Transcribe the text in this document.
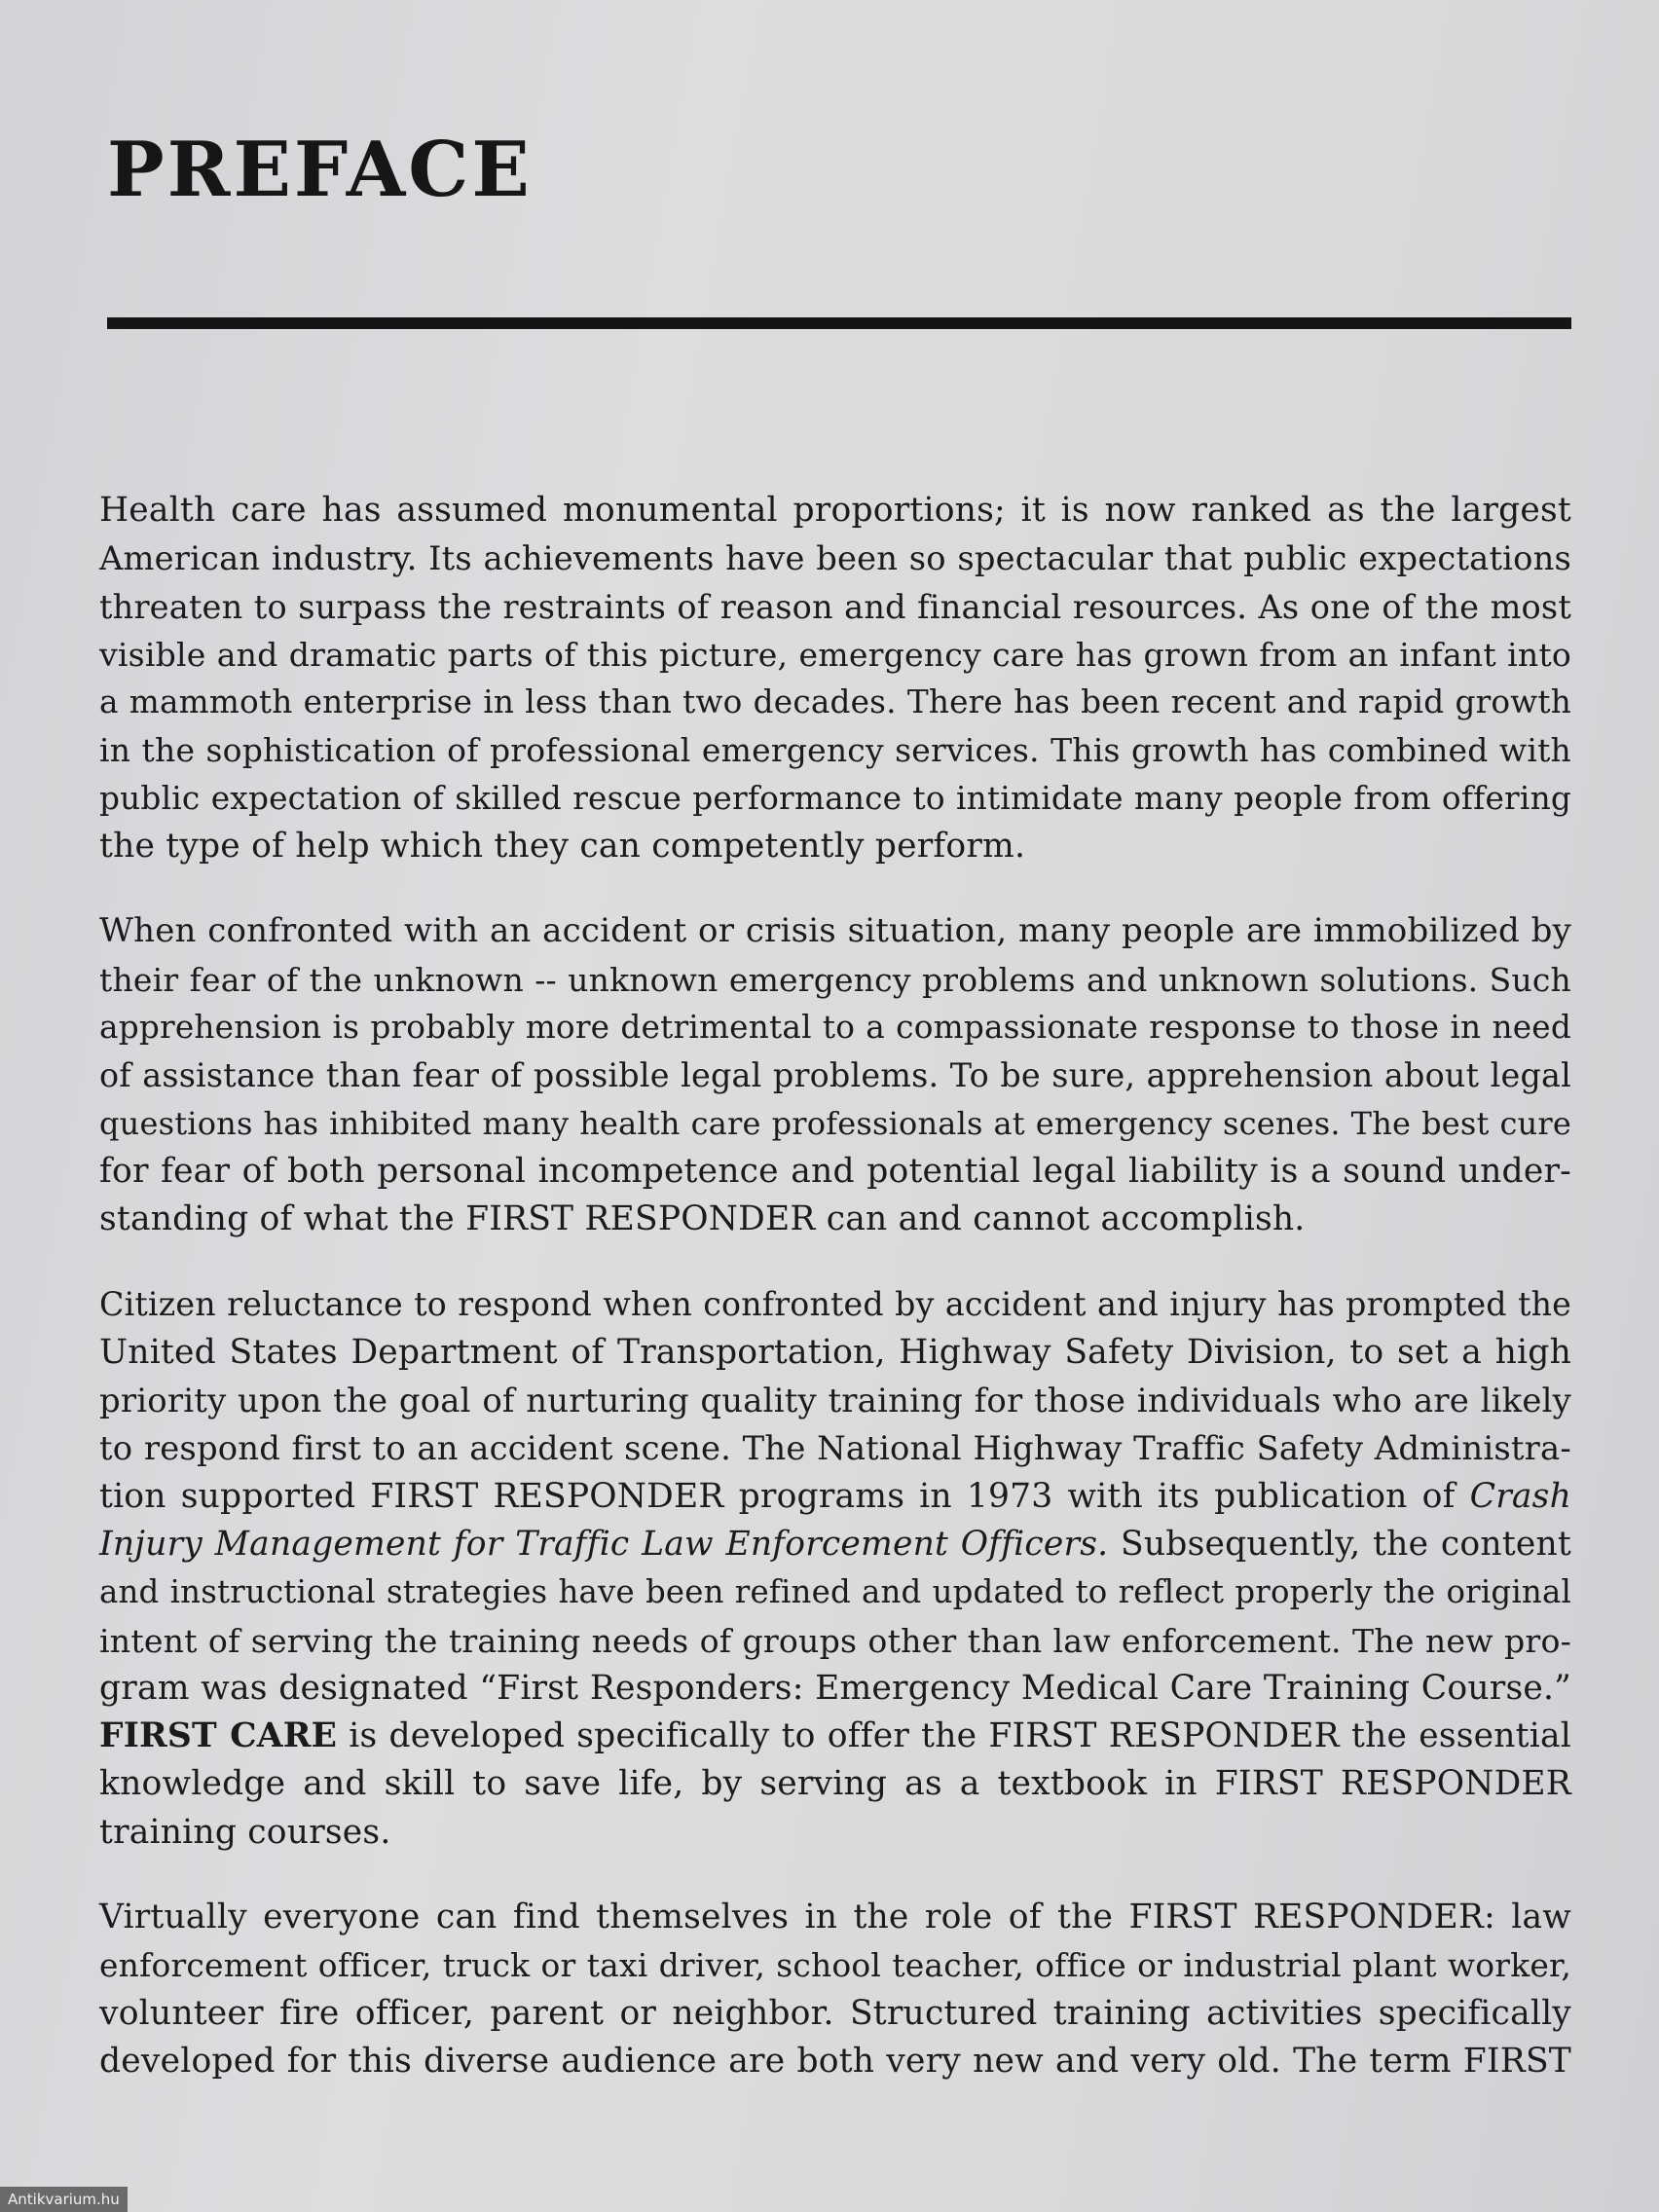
PREFACE

Health care has assumed monumental proportions; it is now ranked as the largest
American industry. Its achievements have been so spectacular that public expectations
threaten to surpass the restraints of reason and financial resources. As one of the most
visible and dramatic parts of this picture, emergency care has grown from an infant into
a mammoth enterprise in less than two decades. There has been recent and rapid growth
in the sophistication of professional emergency services. This growth has combined with
public expectation of skilled rescue performance to intimidate many people from offering
the type of help which they can competently perform.

When confronted with an accident or crisis situation, many people are immobilized by
their fear of the unknown -- unknown emergency problems and unknown solutions. Such
apprehension is probably more detrimental to a compassionate response to those in need
of assistance than fear of possible legal problems. To be sure, apprehension about legal
questions has inhibited many health care professionals at emergency scenes. The best cure
for fear of both personal incompetence and potential legal liability is a sound under-
standing of what the FIRST RESPONDER can and cannot accomplish.

Citizen reluctance to respond when confronted by accident and injury has prompted the
United States Department of Transportation, Highway Safety Division, to set a high
priority upon the goal of nurturing quality training for those individuals who are likely
to respond first to an accident scene. The National Highway Traffic Safety Administra-
tion supported FIRST RESPONDER programs in 1973 with its publication of Crash
Injury Management for Traffic Law Enforcement Officers. Subsequently, the content
and instructional strategies have been refined and updated to reflect properly the original
intent of serving the training needs of groups other than law enforcement. The new pro-
gram was designated “First Responders: Emergency Medical Care Training Course.”
FIRST CARE is developed specifically to offer the FIRST RESPONDER the essential
knowledge and skill to save life, by serving as a textbook in FIRST RESPONDER
training courses.

Virtually everyone can find themselves in the role of the FIRST RESPONDER: law
enforcement officer, truck or taxi driver, school teacher, office or industrial plant worker,
volunteer fire officer, parent or neighbor. Structured training activities specifically
developed for this diverse audience are both very new and very old. The term FIRST

Antikvarium.hu
